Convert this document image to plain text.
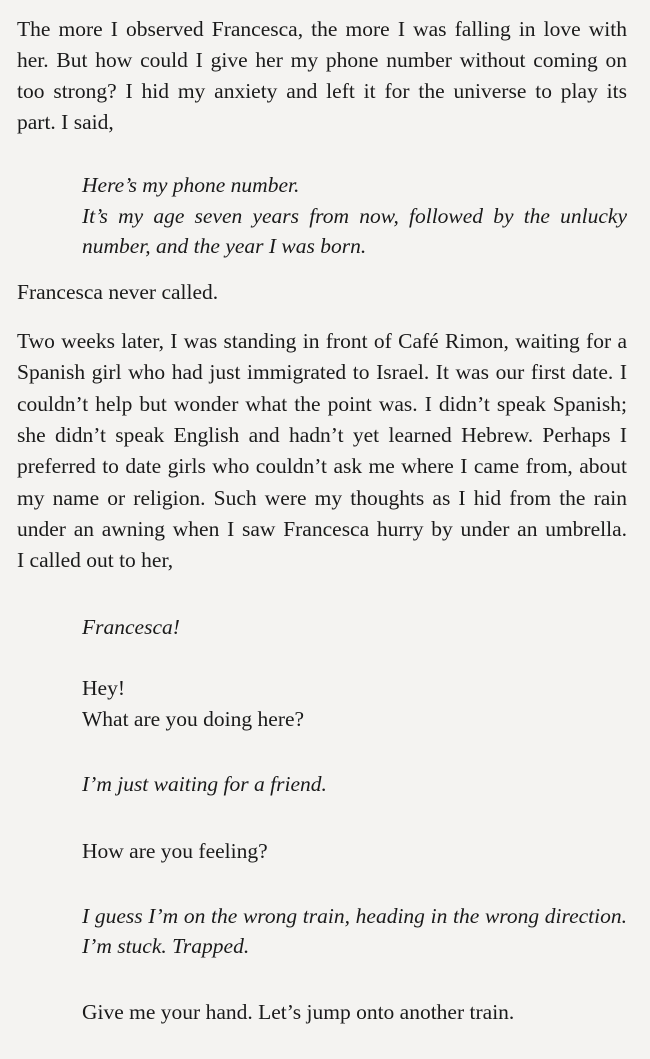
The more I observed Francesca, the more I was falling in love with
her. But how could I give her my phone number without coming on
too strong? I hid my anxiety and left it for the universe to play its
part. I said,
Here’s my phone number.
It’s my age seven years from now, followed by the unlucky
number, and the year I was born.
Francesca never called.
Two weeks later, I was standing in front of Café Rimon, waiting for a
Spanish girl who had just immigrated to Israel. It was our first date. I
couldn’t help but wonder what the point was. I didn’t speak Spanish;
she didn’t speak English and hadn’t yet learned Hebrew. Perhaps I
preferred to date girls who couldn’t ask me where I came from, about
my name or religion. Such were my thoughts as I hid from the rain
under an awning when I saw Francesca hurry by under an umbrella.
I called out to her,
Francesca!
Hey!
What are you doing here?
I’m just waiting for a friend.
How are you feeling?
I guess I’m on the wrong train, heading in the wrong direction.
I’m stuck. Trapped.
Give me your hand. Let’s jump onto another train.
